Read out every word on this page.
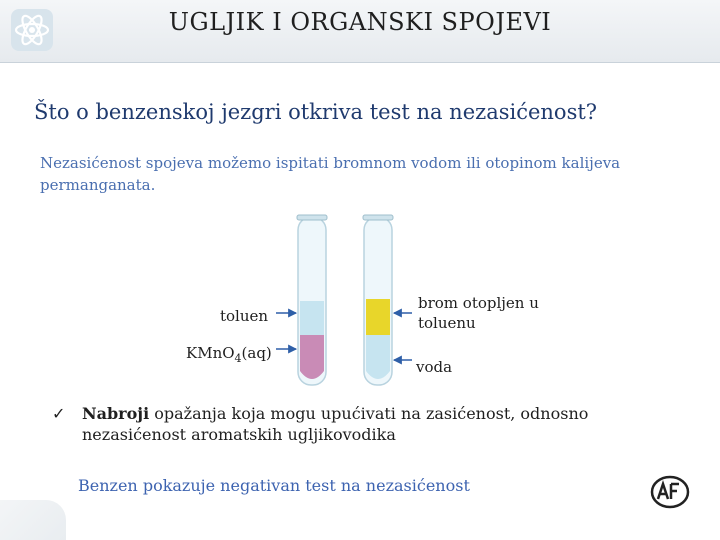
UGLJIK I ORGANSKI SPOJEVI
Što o benzenskoj jezgri otkriva test na nezasićenost?
Nezasićenost spojeva možemo ispitati bromnom vodom ili otopinom kalijeva permanganata.
toluen
KMnO$_4$(aq)
brom otopljen u toluenu
voda
✓ Nabroji opažanja koja mogu upućivati na zasićenost, odnosno nezasićenost aromatskih ugljikovodika
Benzen pokazuje negativan test na nezasićenost
